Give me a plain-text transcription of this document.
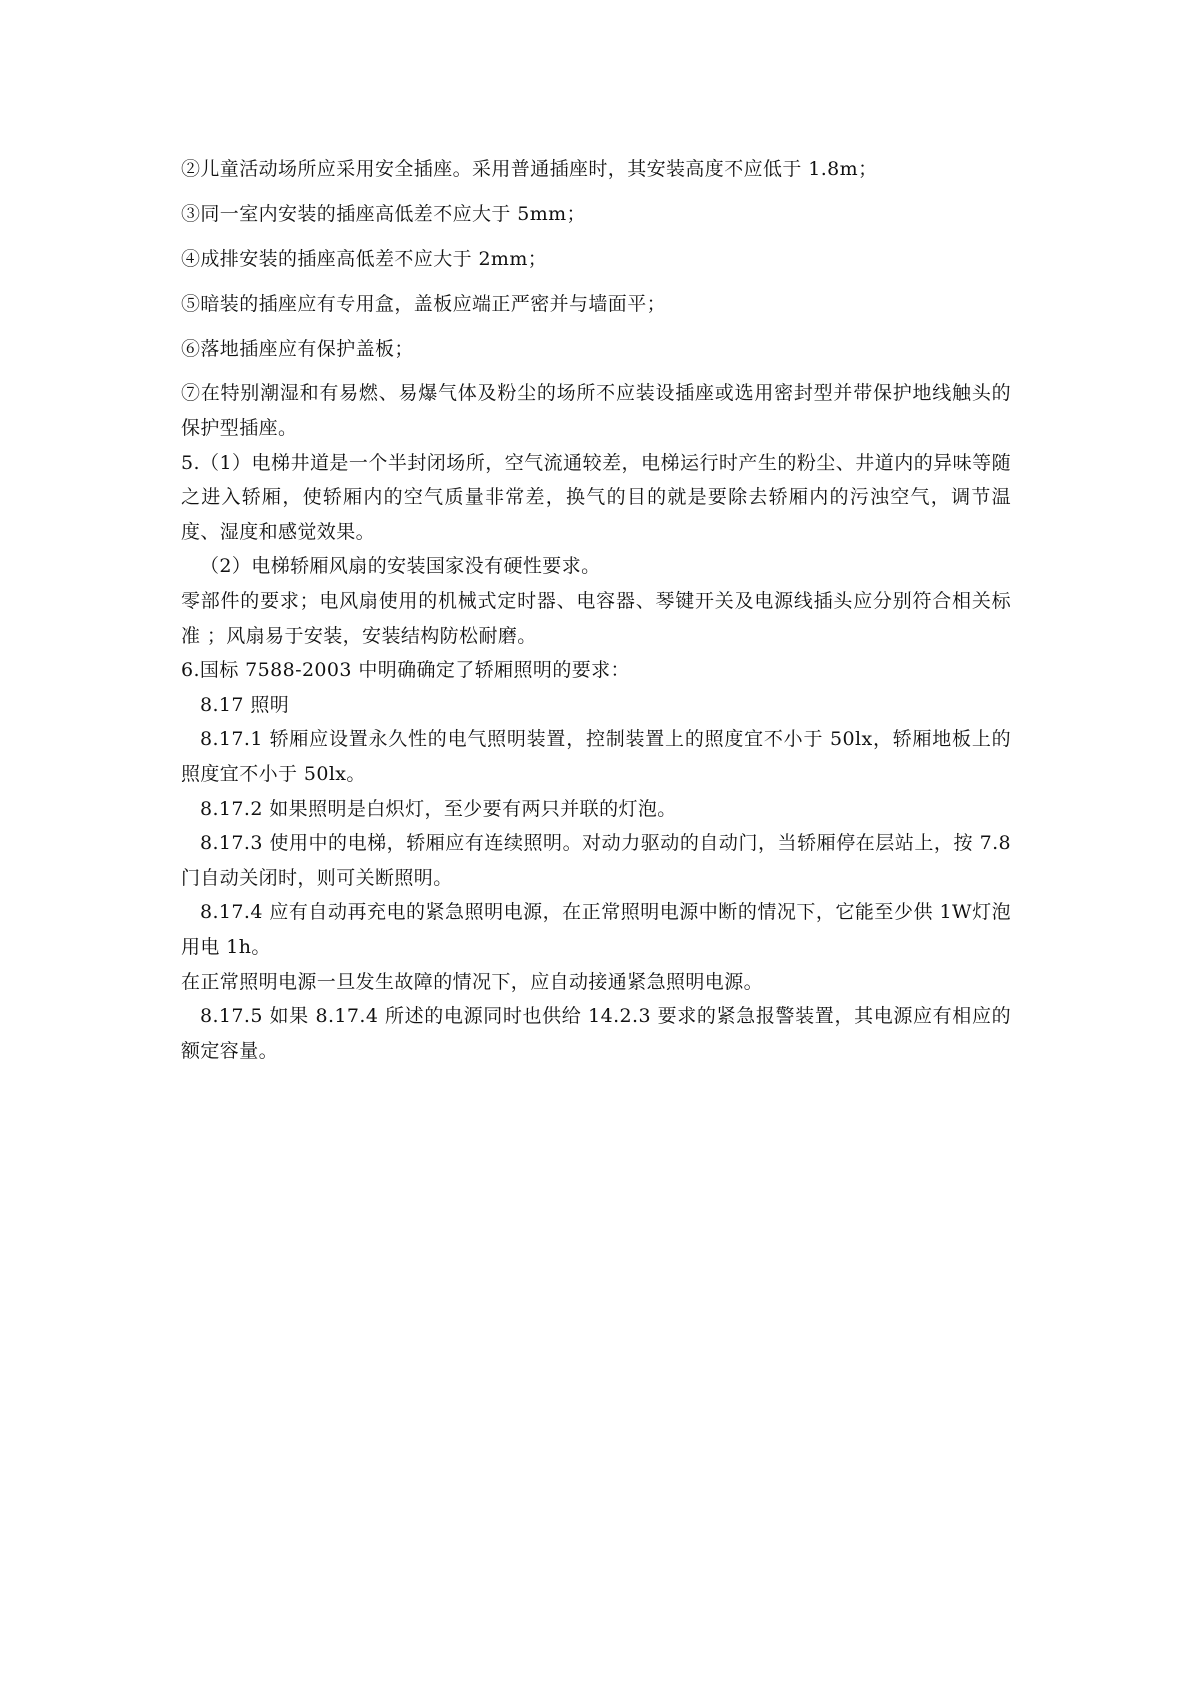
②儿童活动场所应采用安全插座。采用普通插座时，其安装高度不应低于 1.8m；

③同一室内安装的插座高低差不应大于 5mm；

④成排安装的插座高低差不应大于 2mm；

⑤暗装的插座应有专用盒，盖板应端正严密并与墙面平；

⑥落地插座应有保护盖板；

⑦在特别潮湿和有易燃、易爆气体及粉尘的场所不应装设插座或选用密封型并带保护地线触头的保护型插座。

5.（1）电梯井道是一个半封闭场所，空气流通较差，电梯运行时产生的粉尘、井道内的异味等随之进入轿厢，使轿厢内的空气质量非常差，换气的目的就是要除去轿厢内的污浊空气，调节温度、湿度和感觉效果。

（2）电梯轿厢风扇的安装国家没有硬性要求。

零部件的要求；电风扇使用的机械式定时器、电容器、琴键开关及电源线插头应分别符合相关标准 ；风扇易于安装，安装结构防松耐磨。

6.国标 7588-2003 中明确确定了轿厢照明的要求：

8.17 照明

8.17.1 轿厢应设置永久性的电气照明装置，控制装置上的照度宜不小于 50lx，轿厢地板上的照度宜不小于 50lx。

8.17.2 如果照明是白炽灯，至少要有两只并联的灯泡。

8.17.3 使用中的电梯，轿厢应有连续照明。对动力驱动的自动门，当轿厢停在层站上，按 7.8 门自动关闭时，则可关断照明。

8.17.4 应有自动再充电的紧急照明电源，在正常照明电源中断的情况下，它能至少供 1W灯泡用电 1h。

在正常照明电源一旦发生故障的情况下，应自动接通紧急照明电源。

8.17.5 如果 8.17.4 所述的电源同时也供给 14.2.3 要求的紧急报警装置，其电源应有相应的额定容量。
